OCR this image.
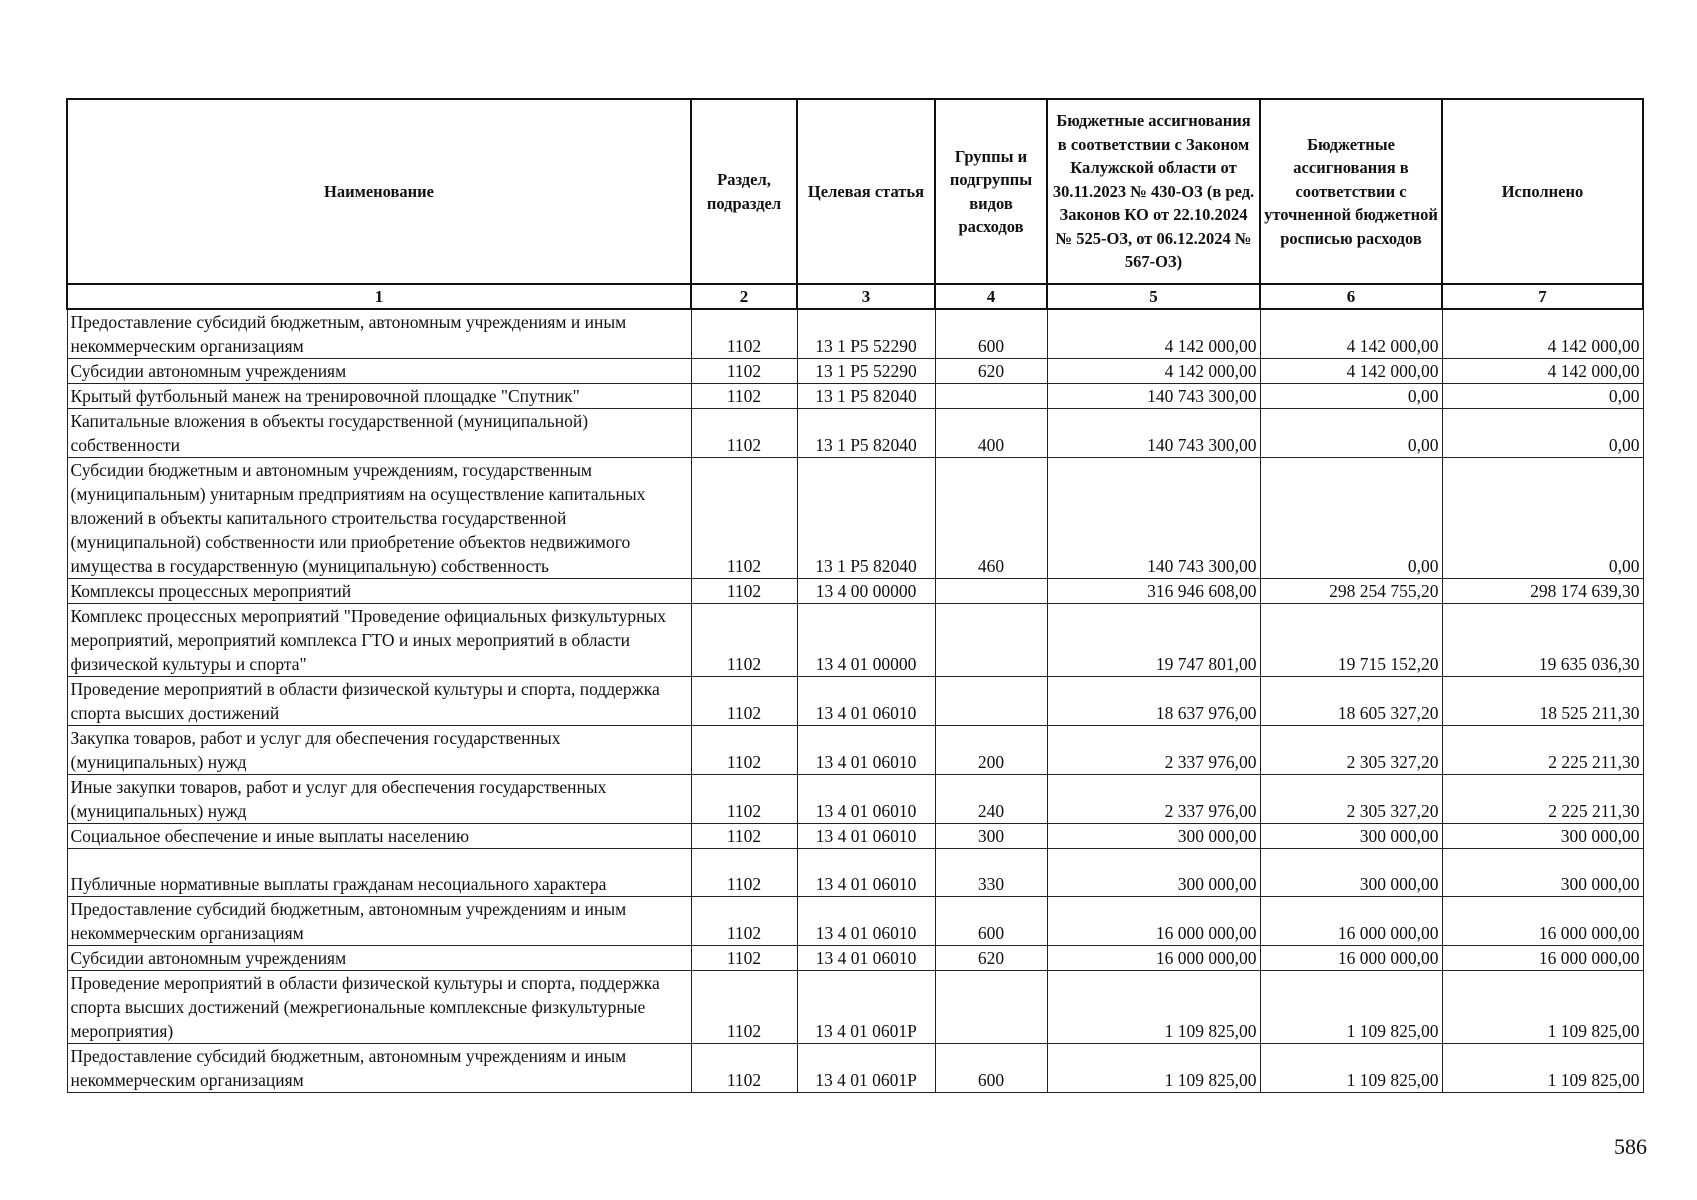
Наименование	Раздел, подраздел	Целевая статья	Группы и подгруппы видов расходов	Бюджетные ассигнования в соответствии с Законом Калужской области от 30.11.2023 № 430-ОЗ (в ред. Законов КО от 22.10.2024 № 525-ОЗ, от 06.12.2024 № 567-ОЗ)	Бюджетные ассигнования в соответствии с уточненной бюджетной росписью расходов	Исполнено
1	2	3	4	5	6	7
Предоставление субсидий бюджетным, автономным учреждениям и иным некоммерческим организациям	1102	13 1 Р5 52290	600	4 142 000,00	4 142 000,00	4 142 000,00
Субсидии автономным учреждениям	1102	13 1 Р5 52290	620	4 142 000,00	4 142 000,00	4 142 000,00
Крытый футбольный манеж на тренировочной площадке "Спутник"	1102	13 1 Р5 82040		140 743 300,00	0,00	0,00
Капитальные вложения в объекты государственной (муниципальной) собственности	1102	13 1 Р5 82040	400	140 743 300,00	0,00	0,00
Субсидии бюджетным и автономным учреждениям, государственным (муниципальным) унитарным предприятиям на осуществление капитальных вложений в объекты капитального строительства государственной (муниципальной) собственности или приобретение объектов недвижимого имущества в государственную (муниципальную) собственность	1102	13 1 Р5 82040	460	140 743 300,00	0,00	0,00
Комплексы процессных мероприятий	1102	13 4 00 00000		316 946 608,00	298 254 755,20	298 174 639,30
Комплекс процессных мероприятий "Проведение официальных физкультурных мероприятий, мероприятий комплекса ГТО и иных мероприятий в области физической культуры и спорта"	1102	13 4 01 00000		19 747 801,00	19 715 152,20	19 635 036,30
Проведение мероприятий в области физической культуры и спорта, поддержка спорта высших достижений	1102	13 4 01 06010		18 637 976,00	18 605 327,20	18 525 211,30
Закупка товаров, работ и услуг для обеспечения государственных (муниципальных) нужд	1102	13 4 01 06010	200	2 337 976,00	2 305 327,20	2 225 211,30
Иные закупки товаров, работ и услуг для обеспечения государственных (муниципальных) нужд	1102	13 4 01 06010	240	2 337 976,00	2 305 327,20	2 225 211,30
Социальное обеспечение и иные выплаты населению	1102	13 4 01 06010	300	300 000,00	300 000,00	300 000,00
Публичные нормативные выплаты гражданам несоциального характера	1102	13 4 01 06010	330	300 000,00	300 000,00	300 000,00
Предоставление субсидий бюджетным, автономным учреждениям и иным некоммерческим организациям	1102	13 4 01 06010	600	16 000 000,00	16 000 000,00	16 000 000,00
Субсидии автономным учреждениям	1102	13 4 01 06010	620	16 000 000,00	16 000 000,00	16 000 000,00
Проведение мероприятий в области физической культуры и спорта, поддержка спорта высших достижений (межрегиональные комплексные физкультурные мероприятия)	1102	13 4 01 0601Р		1 109 825,00	1 109 825,00	1 109 825,00
Предоставление субсидий бюджетным, автономным учреждениям и иным некоммерческим организациям	1102	13 4 01 0601Р	600	1 109 825,00	1 109 825,00	1 109 825,00
586
